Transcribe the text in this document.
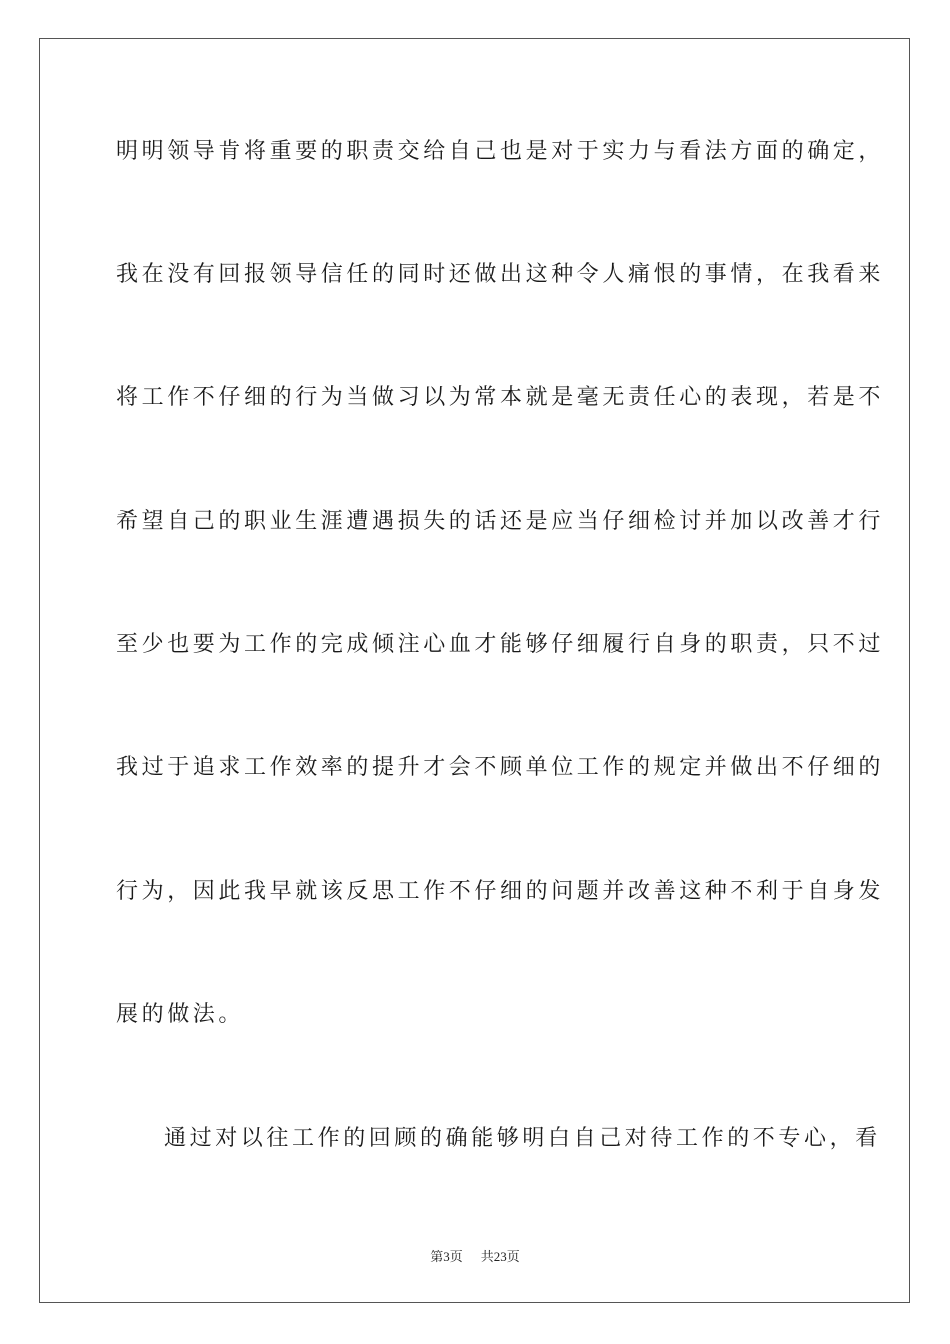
明明领导肯将重要的职责交给自己也是对于实力与看法方面的确定，
我在没有回报领导信任的同时还做出这种令人痛恨的事情，在我看来
将工作不仔细的行为当做习以为常本就是毫无责任心的表现，若是不
希望自己的职业生涯遭遇损失的话还是应当仔细检讨并加以改善才行
至少也要为工作的完成倾注心血才能够仔细履行自身的职责，只不过
我过于追求工作效率的提升才会不顾单位工作的规定并做出不仔细的
行为，因此我早就该反思工作不仔细的问题并改善这种不利于自身发
展的做法。
通过对以往工作的回顾的确能够明白自己对待工作的不专心，看
第3页 共23页
